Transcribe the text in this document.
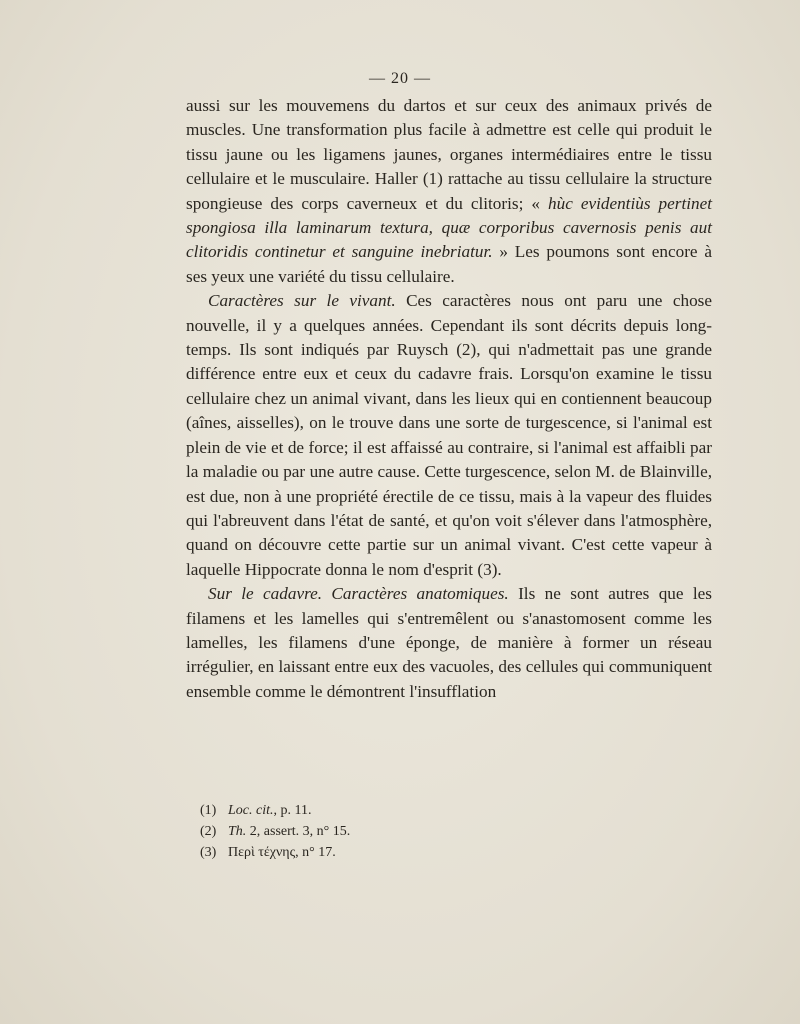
— 20 —

aussi sur les mouvemens du dartos et sur ceux des animaux privés de muscles. Une transformation plus facile à admettre est celle qui produit le tissu jaune ou les ligamens jaunes, organes intermédiaires entre le tissu cellulaire et le musculaire. Haller (1) rattache au tissu cellulaire la structure spongieuse des corps caverneux et du clitoris; « hùc evidentiùs pertinet spongiosa illa laminarum textura, quæ corporibus cavernosis penis aut clitoridis continetur et sanguine inebriatur. » Les poumons sont encore à ses yeux une variété du tissu cellulaire.

Caractères sur le vivant. Ces caractères nous ont paru une chose nouvelle, il y a quelques années. Cependant ils sont décrits depuis long-temps. Ils sont indiqués par Ruysch (2), qui n'admettait pas une grande différence entre eux et ceux du cadavre frais. Lorsqu'on examine le tissu cellulaire chez un animal vivant, dans les lieux qui en contiennent beaucoup (aînes, aisselles), on le trouve dans une sorte de turgescence, si l'animal est plein de vie et de force; il est affaissé au contraire, si l'animal est affaibli par la maladie ou par une autre cause. Cette turgescence, selon M. de Blainville, est due, non à une propriété érectile de ce tissu, mais à la vapeur des fluides qui l'abreuvent dans l'état de santé, et qu'on voit s'élever dans l'atmosphère, quand on découvre cette partie sur un animal vivant. C'est cette vapeur à laquelle Hippocrate donna le nom d'esprit (3).

Sur le cadavre. Caractères anatomiques. Ils ne sont autres que les filamens et les lamelles qui s'entremêlent ou s'anastomosent comme les lamelles, les filamens d'une éponge, de manière à former un réseau irrégulier, en laissant entre eux des vacuoles, des cellules qui communiquent ensemble comme le démontrent l'insufflation

(1) Loc. cit., p. 11.
(2) Th. 2, assert. 3, n° 15.
(3) Περὶ τέχνης, n° 17.
